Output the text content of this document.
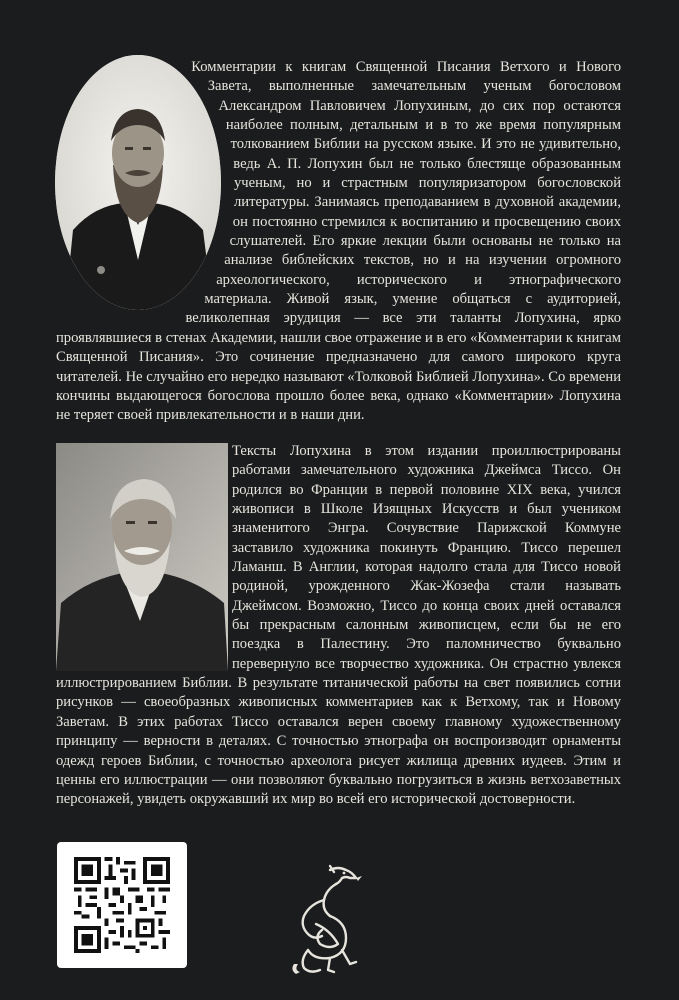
Комментарии к книгам Священной Писания Ветхого и Нового Завета, выполненные замечательным ученым богословом Александром Павловичем Лопухиным, до сих пор остаются наиболее полным, детальным и в то же время популярным толкованием Библии на русском языке. И это не удивительно, ведь А. П. Лопухин был не только блестяще образованным ученым, но и страстным популяризатором богословской литературы. Занимаясь преподаванием в духовной академии, он постоянно стремился к воспитанию и просвещению своих слушателей. Его яркие лекции были основаны не только на анализе библейских текстов, но и на изучении огромного археологического, исторического и этнографического материала. Живой язык, умение общаться с аудиторией, великолепная эрудиция — все эти таланты Лопухина, ярко проявлявшиеся в стенах Академии, нашли свое отражение и в его «Комментарии к книгам Священной Писания». Это сочинение предназначено для самого широкого круга читателей. Не случайно его нередко называют «Толковой Библией Лопухина». Со времени кончины выдающегося богослова прошло более века, однако «Комментарии» Лопухина не теряет своей привлекательности и в наши дни.

Тексты Лопухина в этом издании проиллюстрированы работами замечательного художника Джеймса Тиссо. Он родился во Франции в первой половине XIX века, учился живописи в Школе Изящных Искусств и был учеником знаменитого Энгра. Сочувствие Парижской Коммуне заставило художника покинуть Францию. Тиссо перешел Ламанш. В Англии, которая надолго стала для Тиссо новой родиной, урожденного Жак-Жозефа стали называть Джеймсом. Возможно, Тиссо до конца своих дней оставался бы прекрасным салонным живописцем, если бы не его поездка в Палестину. Это паломничество буквально перевернуло все творчество художника. Он страстно увлекся иллюстрированием Библии. В результате титанической работы на свет появились сотни рисунков — своеобразных живописных комментариев как к Ветхому, так и Новому Заветам. В этих работах Тиссо оставался верен своему главному художественному принципу — верности в деталях. С точностью этнографа он воспроизводит орнаменты одежд героев Библии, с точностью археолога рисует жилища древних иудеев. Этим и ценны его иллюстрации — они позволяют буквально погрузиться в жизнь ветхозаветных персонажей, увидеть окружавший их мир во всей его исторической достоверности.
